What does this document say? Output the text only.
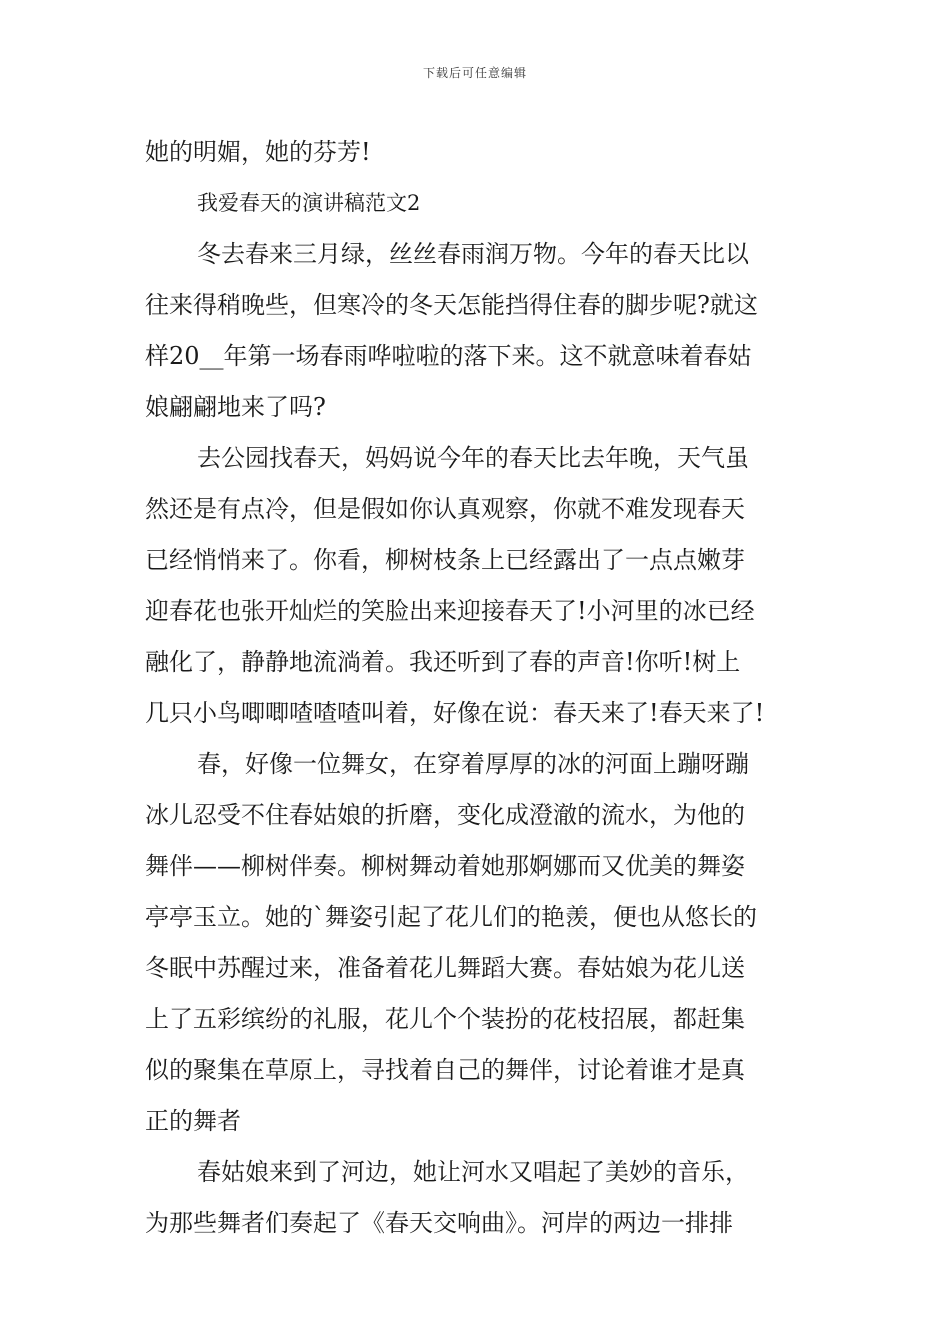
下载后可任意编辑
她的明媚，她的芬芳!
我爱春天的演讲稿范文2
冬去春来三月绿，丝丝春雨润万物。今年的春天比以
往来得稍晚些，但寒冷的冬天怎能挡得住春的脚步呢?就这
样20__年第一场春雨哗啦啦的落下来。这不就意味着春姑
娘翩翩地来了吗?
去公园找春天，妈妈说今年的春天比去年晚，天气虽
然还是有点冷，但是假如你认真观察，你就不难发现春天
已经悄悄来了。你看，柳树枝条上已经露出了一点点嫩芽
迎春花也张开灿烂的笑脸出来迎接春天了!小河里的冰已经
融化了，静静地流淌着。我还听到了春的声音!你听!树上
几只小鸟唧唧喳喳喳叫着，好像在说：春天来了!春天来了!
春，好像一位舞女，在穿着厚厚的冰的河面上蹦呀蹦
冰儿忍受不住春姑娘的折磨，变化成澄澈的流水，为他的
舞伴——柳树伴奏。柳树舞动着她那婀娜而又优美的舞姿
亭亭玉立。她的`舞姿引起了花儿们的艳羡，便也从悠长的
冬眠中苏醒过来，准备着花儿舞蹈大赛。春姑娘为花儿送
上了五彩缤纷的礼服，花儿个个装扮的花枝招展，都赶集
似的聚集在草原上，寻找着自己的舞伴，讨论着谁才是真
正的舞者
春姑娘来到了河边，她让河水又唱起了美妙的音乐，
为那些舞者们奏起了《春天交响曲》。河岸的两边一排排
